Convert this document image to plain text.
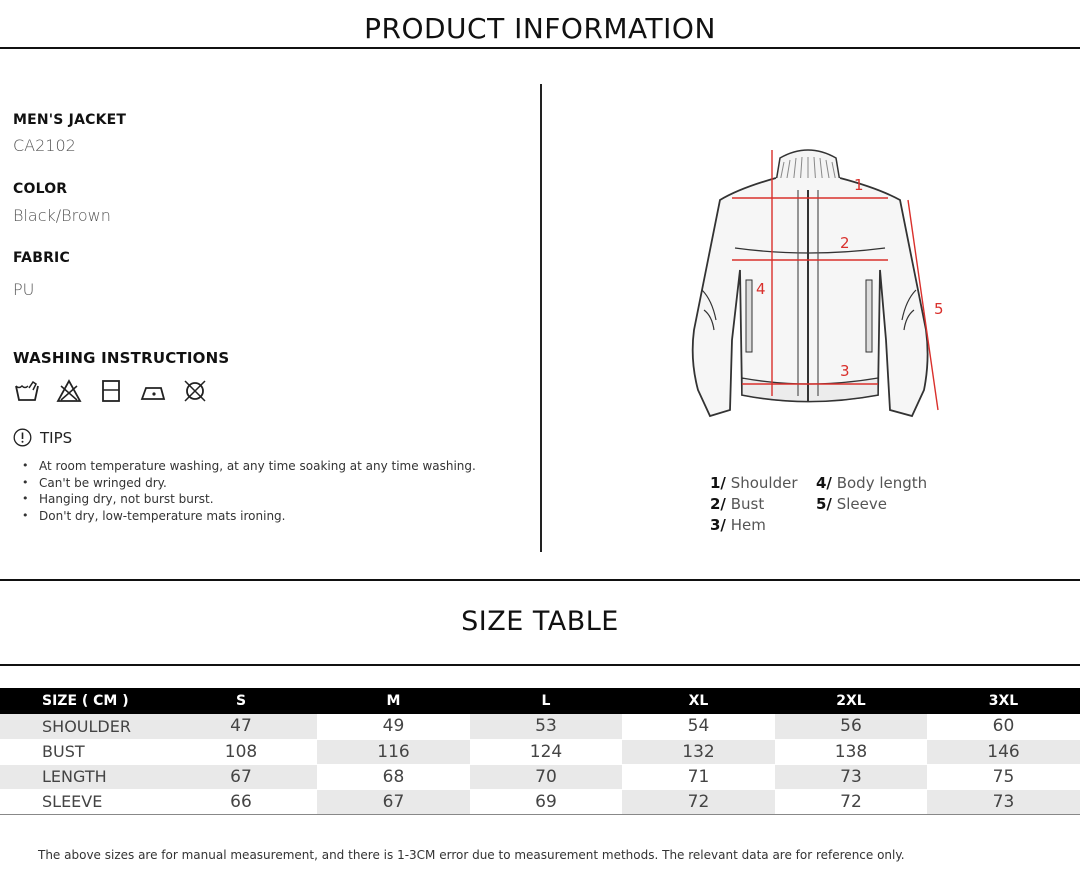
PRODUCT INFORMATION
MEN'S JACKET
CA2102
COLOR
Black/Brown
FABRIC
PU
WASHING INSTRUCTIONS
TIPS
• At room temperature washing, at any time soaking at any time washing.
• Can't be wringed dry.
• Hanging dry, not burst burst.
• Don't dry, low-temperature mats ironing.
1
2
3
4
5
1/ Shoulder
2/ Bust
3/ Hem
4/ Body length
5/ Sleeve
SIZE TABLE
SIZE ( CM )	S	M	L	XL	2XL	3XL
SHOULDER	47	49	53	54	56	60
BUST	108	116	124	132	138	146
LENGTH	67	68	70	71	73	75
SLEEVE	66	67	69	72	72	73
The above sizes are for manual measurement, and there is 1-3CM error due to measurement methods. The relevant data are for reference only.
